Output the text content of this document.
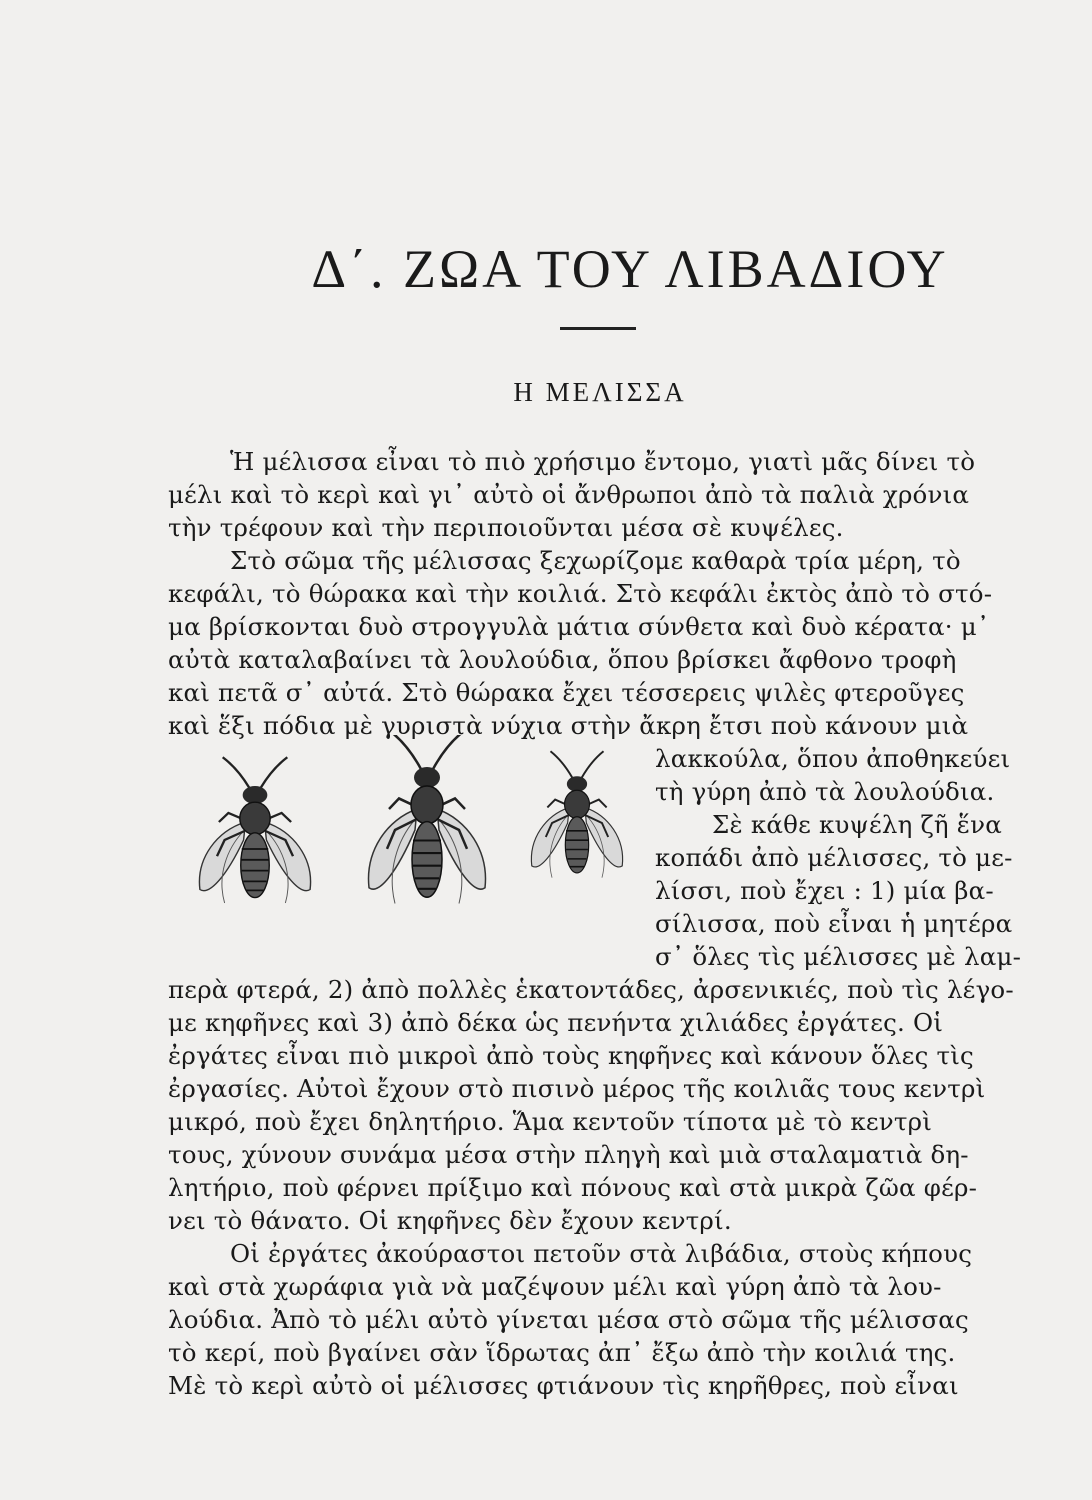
Δ΄. ΖΩΑ ΤΟΥ ΛΙΒΑΔΙΟΥ
Η ΜΕΛΙΣΣΑ
Ἡ μέλισσα εἶναι τὸ πιὸ χρήσιμο ἔντομο, γιατὶ μᾶς δίνει τὸ
μέλι καὶ τὸ κερὶ καὶ γι᾿ αὐτὸ οἱ ἄνθρωποι ἀπὸ τὰ παλιὰ χρόνια
τὴν τρέφουν καὶ τὴν περιποιοῦνται μέσα σὲ κυψέλες.
Στὸ σῶμα τῆς μέλισσας ξεχωρίζομε καθαρὰ τρία μέρη, τὸ
κεφάλι, τὸ θώρακα καὶ τὴν κοιλιά. Στὸ κεφάλι ἐκτὸς ἀπὸ τὸ στό-
μα βρίσκονται δυὸ στρογγυλὰ μάτια σύνθετα καὶ δυὸ κέρατα· μ᾿
αὐτὰ καταλαβαίνει τὰ λουλούδια, ὅπου βρίσκει ἄφθονο τροφὴ
καὶ πετᾶ σ᾿ αὐτά. Στὸ θώρακα ἔχει τέσσερεις ψιλὲς φτεροῦγες
καὶ ἕξι πόδια μὲ γυριστὰ νύχια στὴν ἄκρη ἔτσι ποὺ κάνουν μιὰ
λακκούλα, ὅπου ἀποθηκεύει
τὴ γύρη ἀπὸ τὰ λουλούδια.
Σὲ κάθε κυψέλη ζῆ ἕνα
κοπάδι ἀπὸ μέλισσες, τὸ με-
λίσσι, ποὺ ἔχει : 1) μία βα-
σίλισσα, ποὺ εἶναι ἡ μητέρα
σ᾿ ὅλες τὶς μέλισσες μὲ λαμ-
περὰ φτερά, 2) ἀπὸ πολλὲς ἑκατοντάδες, ἀρσενικιές, ποὺ τὶς λέγο-
με κηφῆνες καὶ 3) ἀπὸ δέκα ὡς πενήντα χιλιάδες ἐργάτες. Οἱ
ἐργάτες εἶναι πιὸ μικροὶ ἀπὸ τοὺς κηφῆνες καὶ κάνουν ὅλες τὶς
ἐργασίες. Αὐτοὶ ἔχουν στὸ πισινὸ μέρος τῆς κοιλιᾶς τους κεντρὶ
μικρό, ποὺ ἔχει δηλητήριο. Ἅμα κεντοῦν τίποτα μὲ τὸ κεντρὶ
τους, χύνουν συνάμα μέσα στὴν πληγὴ καὶ μιὰ σταλαματιὰ δη-
λητήριο, ποὺ φέρνει πρίξιμο καὶ πόνους καὶ στὰ μικρὰ ζῶα φέρ-
νει τὸ θάνατο. Οἱ κηφῆνες δὲν ἔχουν κεντρί.
Οἱ ἐργάτες ἀκούραστοι πετοῦν στὰ λιβάδια, στοὺς κήπους
καὶ στὰ χωράφια γιὰ νὰ μαζέψουν μέλι καὶ γύρη ἀπὸ τὰ λου-
λούδια. Ἀπὸ τὸ μέλι αὐτὸ γίνεται μέσα στὸ σῶμα τῆς μέλισσας
τὸ κερί, ποὺ βγαίνει σὰν ἵδρωτας ἀπ᾿ ἔξω ἀπὸ τὴν κοιλιά της.
Μὲ τὸ κερὶ αὐτὸ οἱ μέλισσες φτιάνουν τὶς κηρῆθρες, ποὺ εἶναι
